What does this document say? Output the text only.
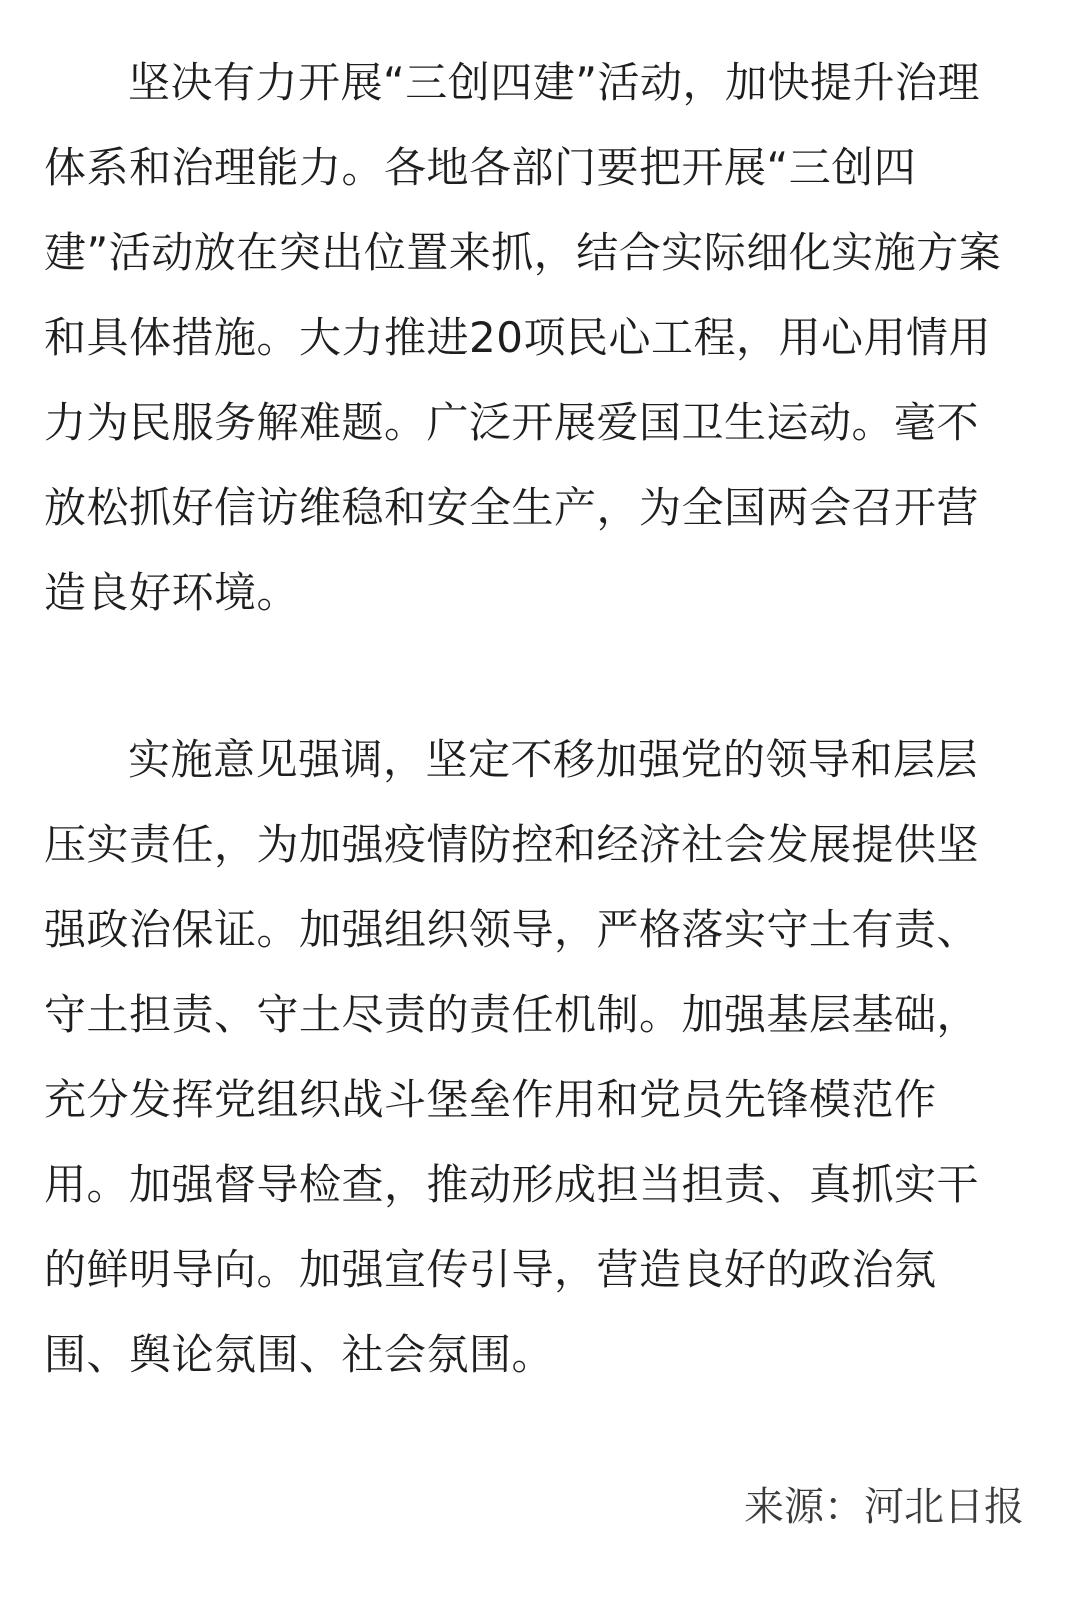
坚决有力开展“三创四建”活动，加快提升治理体系和治理能力。各地各部门要把开展“三创四建”活动放在突出位置来抓，结合实际细化实施方案和具体措施。大力推进20项民心工程，用心用情用力为民服务解难题。广泛开展爱国卫生运动。毫不放松抓好信访维稳和安全生产，为全国两会召开营造良好环境。

实施意见强调，坚定不移加强党的领导和层层压实责任，为加强疫情防控和经济社会发展提供坚强政治保证。加强组织领导，严格落实守土有责、守土担责、守土尽责的责任机制。加强基层基础，充分发挥党组织战斗堡垒作用和党员先锋模范作用。加强督导检查，推动形成担当担责、真抓实干的鲜明导向。加强宣传引导，营造良好的政治氛围、舆论氛围、社会氛围。

来源：河北日报
